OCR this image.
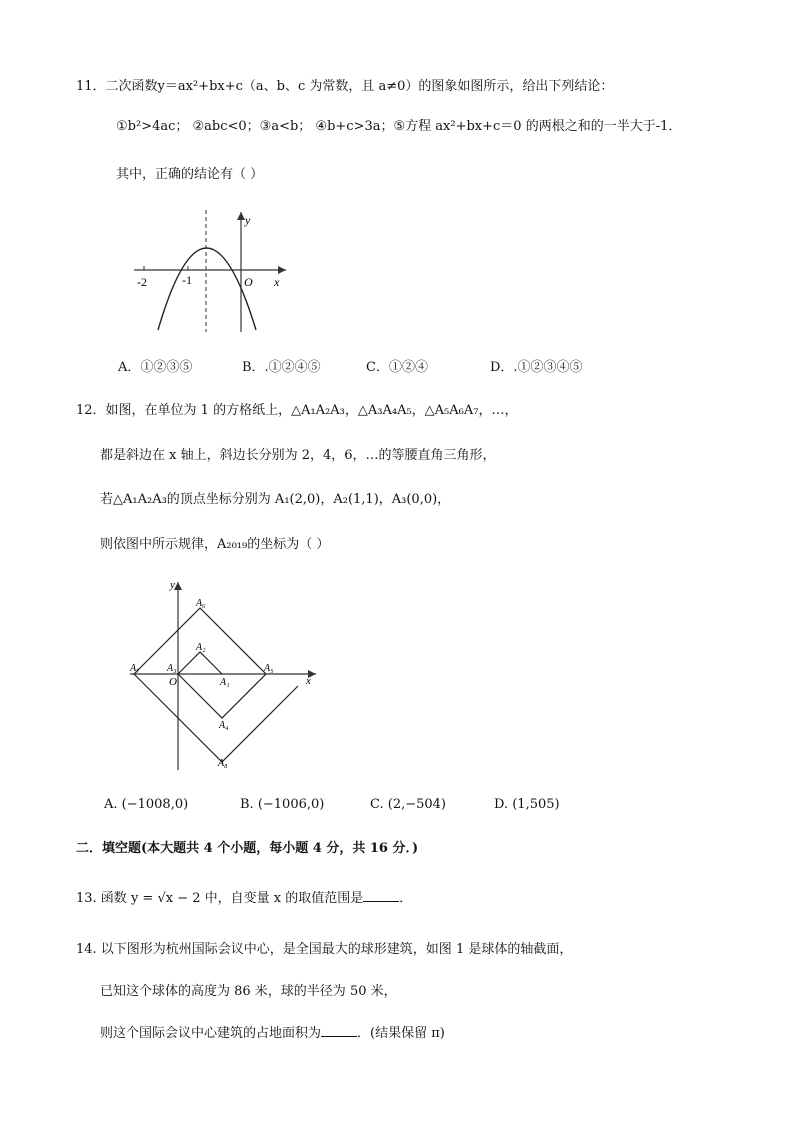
11．二次函数y＝ax²+bx+c（a、b、c 为常数，且 a≠0）的图象如图所示，给出下列结论：
①b²>4ac； ②abc<0；③a<b； ④b+c>3a；⑤方程 ax²+bx+c＝0 的两根之和的一半大于-1．
其中，正确的结论有（ ）
y
x
-2	-1	O
A．①②③⑤	B．.①②④⑤	C．①②④	D．.①②③④⑤
12．如图，在单位为 1 的方格纸上，△A₁A₂A₃，△A₃A₄A₅，△A₅A₆A₇，…，
都是斜边在 x 轴上，斜边长分别为 2，4，6，…的等腰直角三角形，
若△A₁A₂A₃的顶点坐标分别为 A₁(2,0)，A₂(1,1)，A₃(0,0)，
则依图中所示规律，A₂₀₁₉的坐标为（ ）
x
y
O	A₁
A₂
A₃
A₄
A₅
A₆
A₇
A₈
A. (−1008,0)	B. (−1006,0)	C. (2,−504)	D. (1,505)
二．填空题(本大题共 4 个小题，每小题 4 分，共 16 分．)
13. 函数 y = √x − 2 中，自变量 x 的取值范围是	．
14. 以下图形为杭州国际会议中心，是全国最大的球形建筑，如图 1 是球体的轴截面，
已知这个球体的高度为 86 米，球的半径为 50 米，
则这个国际会议中心建筑的占地面积为	．(结果保留 π)
